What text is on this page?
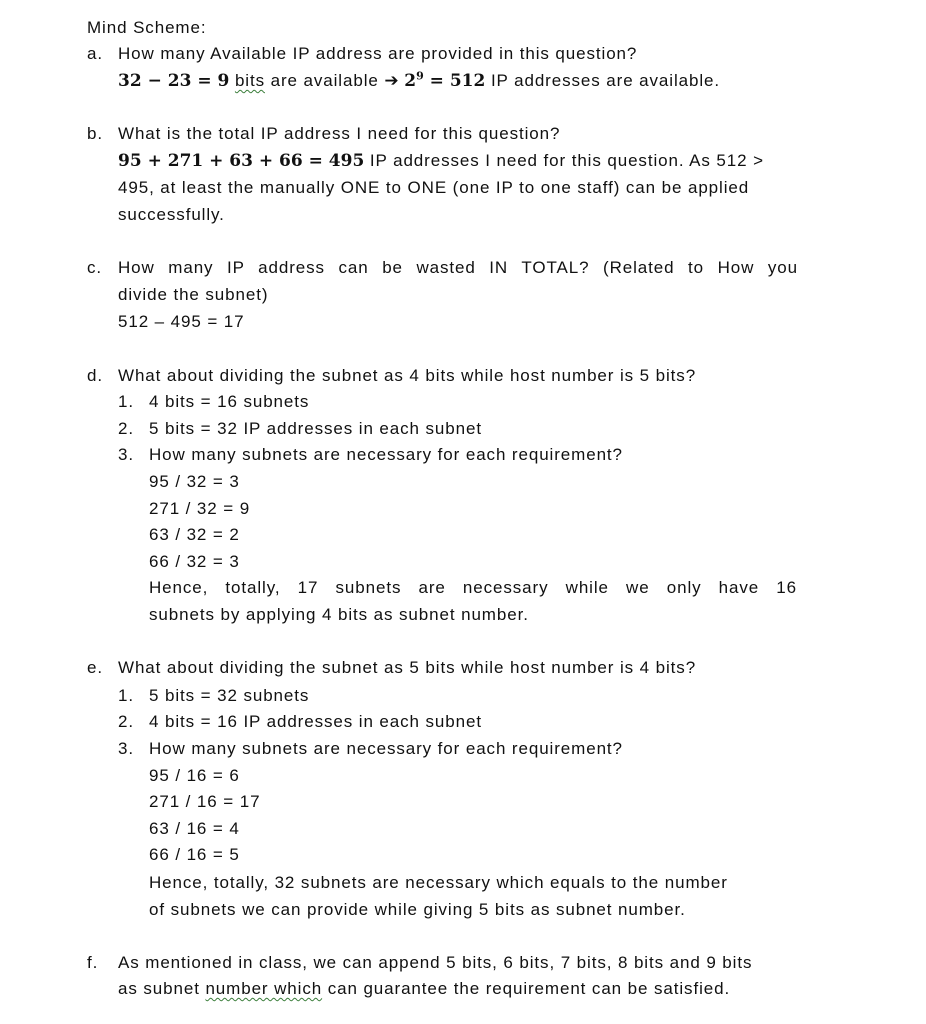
Mind Scheme:
a. How many Available IP address are provided in this question?
32 − 23 = 9 bits are available ➔ $2^9 = 512$ IP addresses are available.
b. What is the total IP address I need for this question?
95 + 271 + 63 + 66 = 495 IP addresses I need for this question. As 512 >
495, at least the manually ONE to ONE (one IP to one staff) can be applied
successfully.
c. How many IP address can be wasted IN TOTAL? (Related to How you
divide the subnet)
512 – 495 = 17
d. What about dividing the subnet as 4 bits while host number is 5 bits?
1. 4 bits = 16 subnets
2. 5 bits = 32 IP addresses in each subnet
3. How many subnets are necessary for each requirement?
95 / 32 = 3
271 / 32 = 9
63 / 32 = 2
66 / 32 = 3
Hence, totally, 17 subnets are necessary while we only have 16
subnets by applying 4 bits as subnet number.
e. What about dividing the subnet as 5 bits while host number is 4 bits?
1. 5 bits = 32 subnets
2. 4 bits = 16 IP addresses in each subnet
3. How many subnets are necessary for each requirement?
95 / 16 = 6
271 / 16 = 17
63 / 16 = 4
66 / 16 = 5
Hence, totally, 32 subnets are necessary which equals to the number
of subnets we can provide while giving 5 bits as subnet number.
f. As mentioned in class, we can append 5 bits, 6 bits, 7 bits, 8 bits and 9 bits
as subnet number which can guarantee the requirement can be satisfied.
